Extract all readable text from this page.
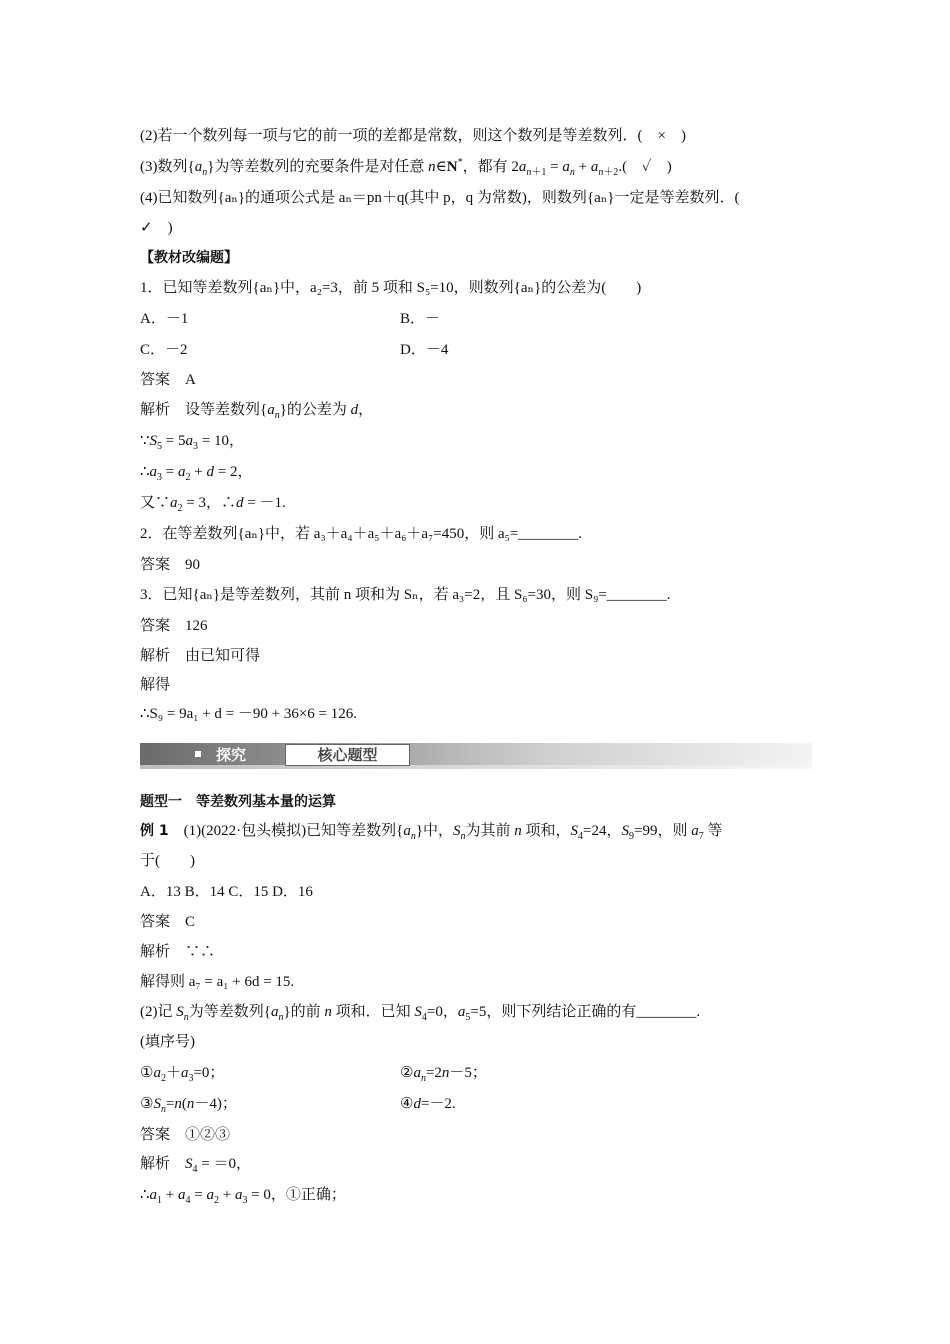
(2)若一个数列每一项与它的前一项的差都是常数，则这个数列是等差数列．(　×　)
(3)数列$\{a_n\}$为等差数列的充要条件是对任意 n∈N*，都有 $2a_{n+1} = a_n + a_{n+2}$.(　✓　)
(4)已知数列{aₙ}的通项公式是 aₙ＝pn＋q(其中 p，q 为常数)，则数列{aₙ}一定是等差数列．(
✓　)
【教材改编题】
1．已知等差数列{aₙ}中，a₂=3，前 5 项和 S₅=10，则数列{aₙ}的公差为(　　)
A．－1	B．－
C．－2	D．－4
答案　A
解析　设等差数列$\{a_n\}$的公差为 d，
$\because S_5 = 5a_3 = 10$，
$\therefore a_3 = a_2 + d = 2$，
又$\because a_2 = 3$，∴d = －1.
2．在等差数列{aₙ}中，若 a₃＋a₄＋a₅＋a₆＋a₇=450，则 a₅=________.
答案　90
3．已知{aₙ}是等差数列，其前 n 项和为 Sₙ，若 a₃=2，且 S₆=30，则 S₉=________.
答案　126
解析　由已知可得
解得
∴S₉ = 9a₁ + d = －90 + 36×6 = 126.
探究	核心题型
题型一　等差数列基本量的运算
例 1　(1)(2022·包头模拟)已知等差数列$\{a_n\}$中，$S_n$为其前 n 项和，$S_4=24$，$S_9=99$，则 $a_7$ 等
于(　　)
A．13 B．14 C．15 D．16
答案　C
解析　∵∴
解得则 a₇ = a₁ + 6d = 15.
(2)记 $S_n$为等差数列$\{a_n\}$的前 n 项和．已知 $S_4=0$，$a_5=5$，则下列结论正确的有________.
(填序号)
$①a_2+a_3=0$；	$②a_n=2n-5$；
$③S_n=n(n-4)$；	④d=－2.
答案　①②③
解析　$S_4 = =0$，
$\therefore a_1 + a_4 = a_2 + a_3 = 0$，①正确；
